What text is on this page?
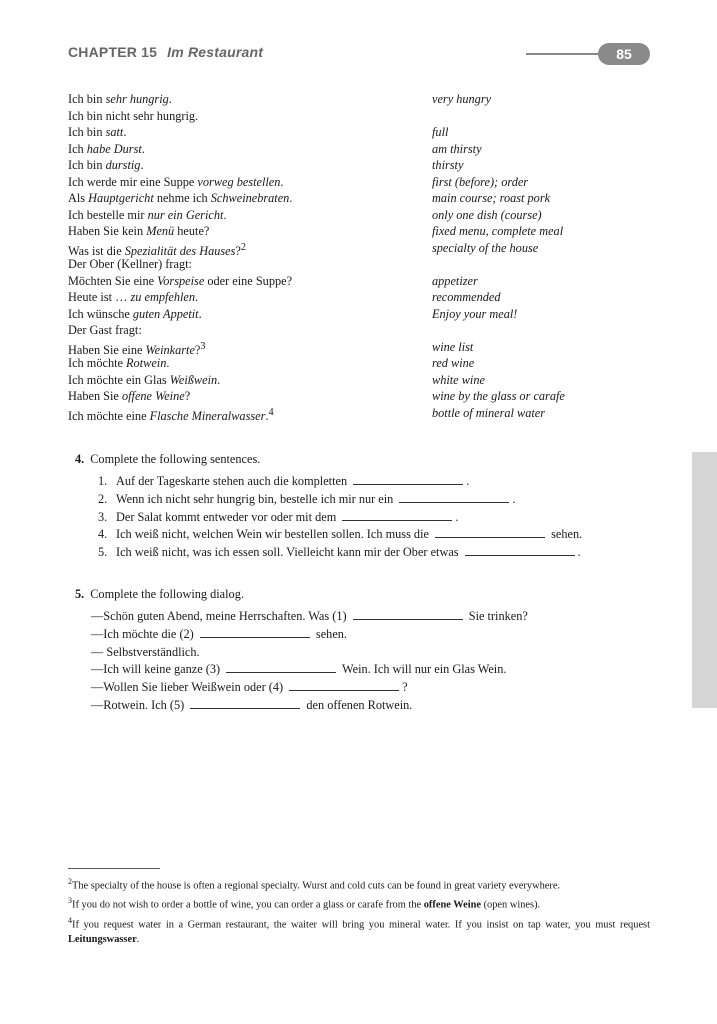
CHAPTER 15 Im Restaurant	85
Ich bin sehr hungrig.	very hungry
Ich bin nicht sehr hungrig.
Ich bin satt.	full
Ich habe Durst.	am thirsty
Ich bin durstig.	thirsty
Ich werde mir eine Suppe vorweg bestellen.	first (before); order
Als Hauptgericht nehme ich Schweinebraten.	main course; roast pork
Ich bestelle mir nur ein Gericht.	only one dish (course)
Haben Sie kein Menü heute?	fixed menu, complete meal
Was ist die Spezialität des Hauses?$^2$	specialty of the house
Der Ober (Kellner) fragt:
Möchten Sie eine Vorspeise oder eine Suppe?	appetizer
Heute ist … zu empfehlen.	recommended
Ich wünsche guten Appetit.	Enjoy your meal!
Der Gast fragt:
Haben Sie eine Weinkarte?$^3$	wine list
Ich möchte Rotwein.	red wine
Ich möchte ein Glas Weißwein.	white wine
Haben Sie offene Weine?	wine by the glass or carafe
Ich möchte eine Flasche Mineralwasser.$^4$	bottle of mineral water
4. Complete the following sentences.
1. Auf der Tageskarte stehen auch die kompletten	.
2. Wenn ich nicht sehr hungrig bin, bestelle ich mir nur ein	.
3. Der Salat kommt entweder vor oder mit dem	.
4. Ich weiß nicht, welchen Wein wir bestellen sollen. Ich muss die	sehen.
5. Ich weiß nicht, was ich essen soll. Vielleicht kann mir der Ober etwas	.
5. Complete the following dialog.
—Schön guten Abend, meine Herrschaften. Was (1)	Sie trinken?
—Ich möchte die (2)	sehen.
— Selbstverständlich.
—Ich will keine ganze (3)	Wein. Ich will nur ein Glas Wein.
—Wollen Sie lieber Weißwein oder (4)	?
—Rotwein. Ich (5)	den offenen Rotwein.
$^2$The specialty of the house is often a regional specialty. Wurst and cold cuts can be found in great variety everywhere.
$^3$If you do not wish to order a bottle of wine, you can order a glass or carafe from the offene Weine (open wines).
$^4$If you request water in a German restaurant, the waiter will bring you mineral water. If you insist on tap water, you must request Leitungswasser.
